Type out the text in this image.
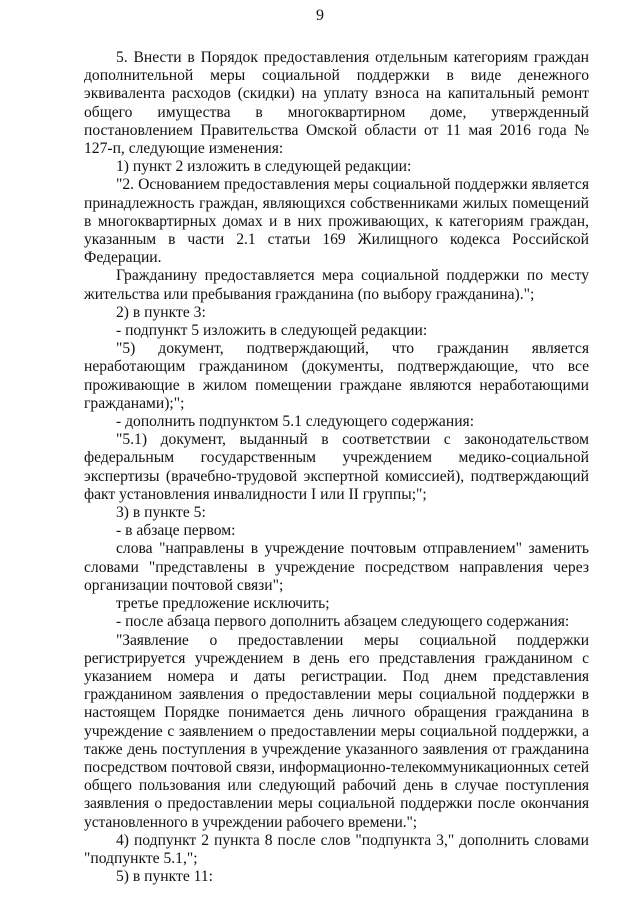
9

5. Внести в Порядок предоставления отдельным категориям граждан дополнительной меры социальной поддержки в виде денежного эквивалента расходов (скидки) на уплату взноса на капитальный ремонт общего имущества в многоквартирном доме, утвержденный постановлением Правительства Омской области от 11 мая 2016 года № 127-п, следующие изменения:

1) пункт 2 изложить в следующей редакции:

"2. Основанием предоставления меры социальной поддержки является принадлежность граждан, являющихся собственниками жилых помещений в многоквартирных домах и в них проживающих, к категориям граждан, указанным в части 2.1 статьи 169 Жилищного кодекса Российской Федерации.

Гражданину предоставляется мера социальной поддержки по месту жительства или пребывания гражданина (по выбору гражданина).";

2) в пункте 3:

- подпункт 5 изложить в следующей редакции:

"5) документ, подтверждающий, что гражданин является неработающим гражданином (документы, подтверждающие, что все проживающие в жилом помещении граждане являются неработающими гражданами);";

- дополнить подпунктом 5.1 следующего содержания:

"5.1) документ, выданный в соответствии с законодательством федеральным государственным учреждением медико-социальной экспертизы (врачебно-трудовой экспертной комиссией), подтверждающий факт установления инвалидности I или II группы;";

3) в пункте 5:

- в абзаце первом:

слова "направлены в учреждение почтовым отправлением" заменить словами "представлены в учреждение посредством направления через организации почтовой связи";

третье предложение исключить;

- после абзаца первого дополнить абзацем следующего содержания:

"Заявление о предоставлении меры социальной поддержки регистрируется учреждением в день его представления гражданином с указанием номера и даты регистрации. Под днем представления гражданином заявления о предоставлении меры социальной поддержки в настоящем Порядке понимается день личного обращения гражданина в учреждение с заявлением о предоставлении меры социальной поддержки, а также день поступления в учреждение указанного заявления от гражданина посредством почтовой связи, информационно-телекоммуникационных сетей общего пользования или следующий рабочий день в случае поступления заявления о предоставлении меры социальной поддержки после окончания установленного в учреждении рабочего времени.";

4) подпункт 2 пункта 8 после слов "подпункта 3," дополнить словами "подпункте 5.1,";

5) в пункте 11:
